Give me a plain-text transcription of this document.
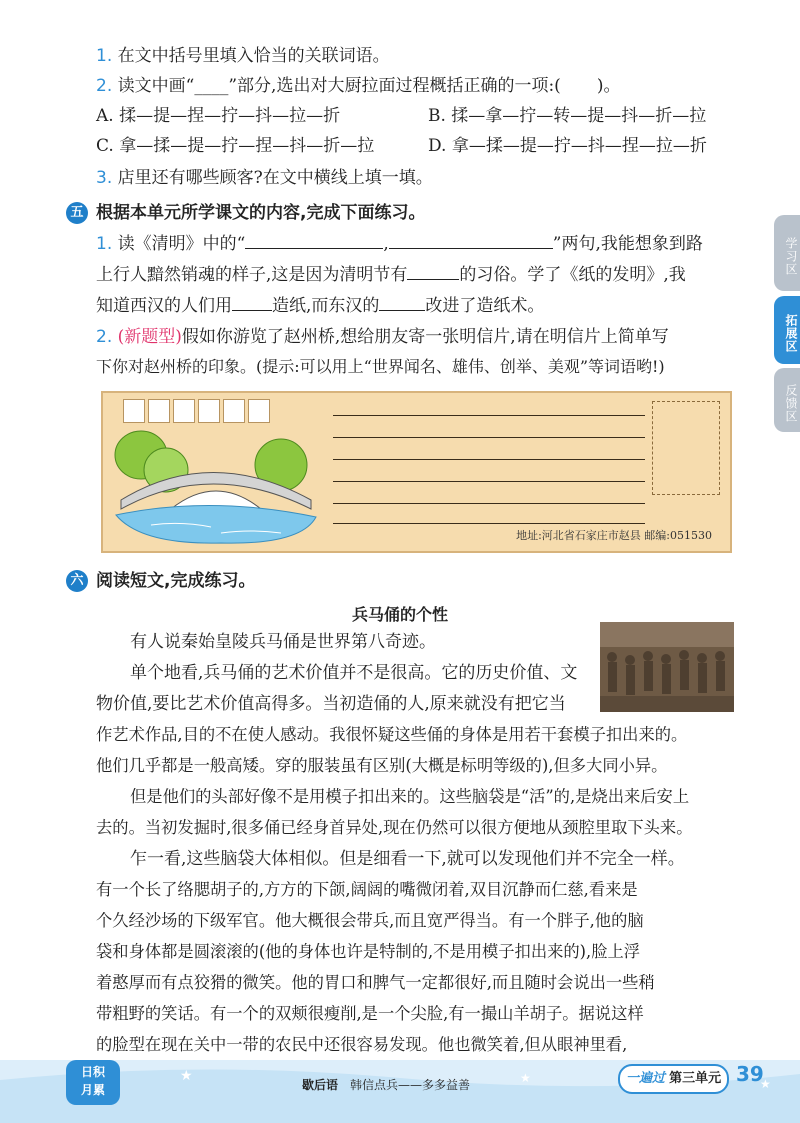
1. 在文中括号里填入恰当的关联词语。
2. 读文中画“____”部分,选出对大厨拉面过程概括正确的一项:( )。
A. 揉—提—捏—拧—抖—拉—折	B. 揉—拿—拧—转—提—抖—折—拉
C. 拿—揉—提—拧—捏—抖—折—拉	D. 拿—揉—提—拧—抖—捏—拉—折
3. 店里还有哪些顾客?在文中横线上填一填。
五 根据本单元所学课文的内容,完成下面练习。
1. 读《清明》中的“	,	”两句,我能想象到路
上行人黯然销魂的样子,这是因为清明节有	的习俗。学了《纸的发明》,我
知道西汉的人们用 造纸,而东汉的	改进了造纸术。
2. (新题型)假如你游览了赵州桥,想给朋友寄一张明信片,请在明信片上简单写
下你对赵州桥的印象。(提示:可以用上“世界闻名、雄伟、创举、美观”等词语哟!)
地址:河北省石家庄市赵县 邮编:051530
六 阅读短文,完成练习。
兵马俑的个性
有人说秦始皇陵兵马俑是世界第八奇迹。
单个地看,兵马俑的艺术价值并不是很高。它的历史价值、文
物价值,要比艺术价值高得多。当初造俑的人,原来就没有把它当
作艺术作品,目的不在使人感动。我很怀疑这些俑的身体是用若干套模子扣出来的。
他们几乎都是一般高矮。穿的服装虽有区别(大概是标明等级的),但多大同小异。
但是他们的头部好像不是用模子扣出来的。这些脑袋是“活”的,是烧出来后安上
去的。当初发掘时,很多俑已经身首异处,现在仍然可以很方便地从颈腔里取下头来。
乍一看,这些脑袋大体相似。但是细看一下,就可以发现他们并不完全一样。
有一个长了络腮胡子的,方方的下颌,阔阔的嘴微闭着,双目沉静而仁慈,看来是
个久经沙场的下级军官。他大概很会带兵,而且宽严得当。有一个胖子,他的脑
袋和身体都是圆滚滚的(他的身体也许是特制的,不是用模子扣出来的),脸上浮
着憨厚而有点狡猾的微笑。他的胃口和脾气一定都很好,而且随时会说出一些稍
带粗野的笑话。有一个的双颊很瘦削,是一个尖脸,有一撮山羊胡子。据说这样
的脸型在现在关中一带的农民中还很容易发现。他也微笑着,但从眼神里看,
学习区
拓展区
反馈区
★	★	★
日积
月累	歇后语 韩信点兵——多多益善	一遍过 第三单元 39
